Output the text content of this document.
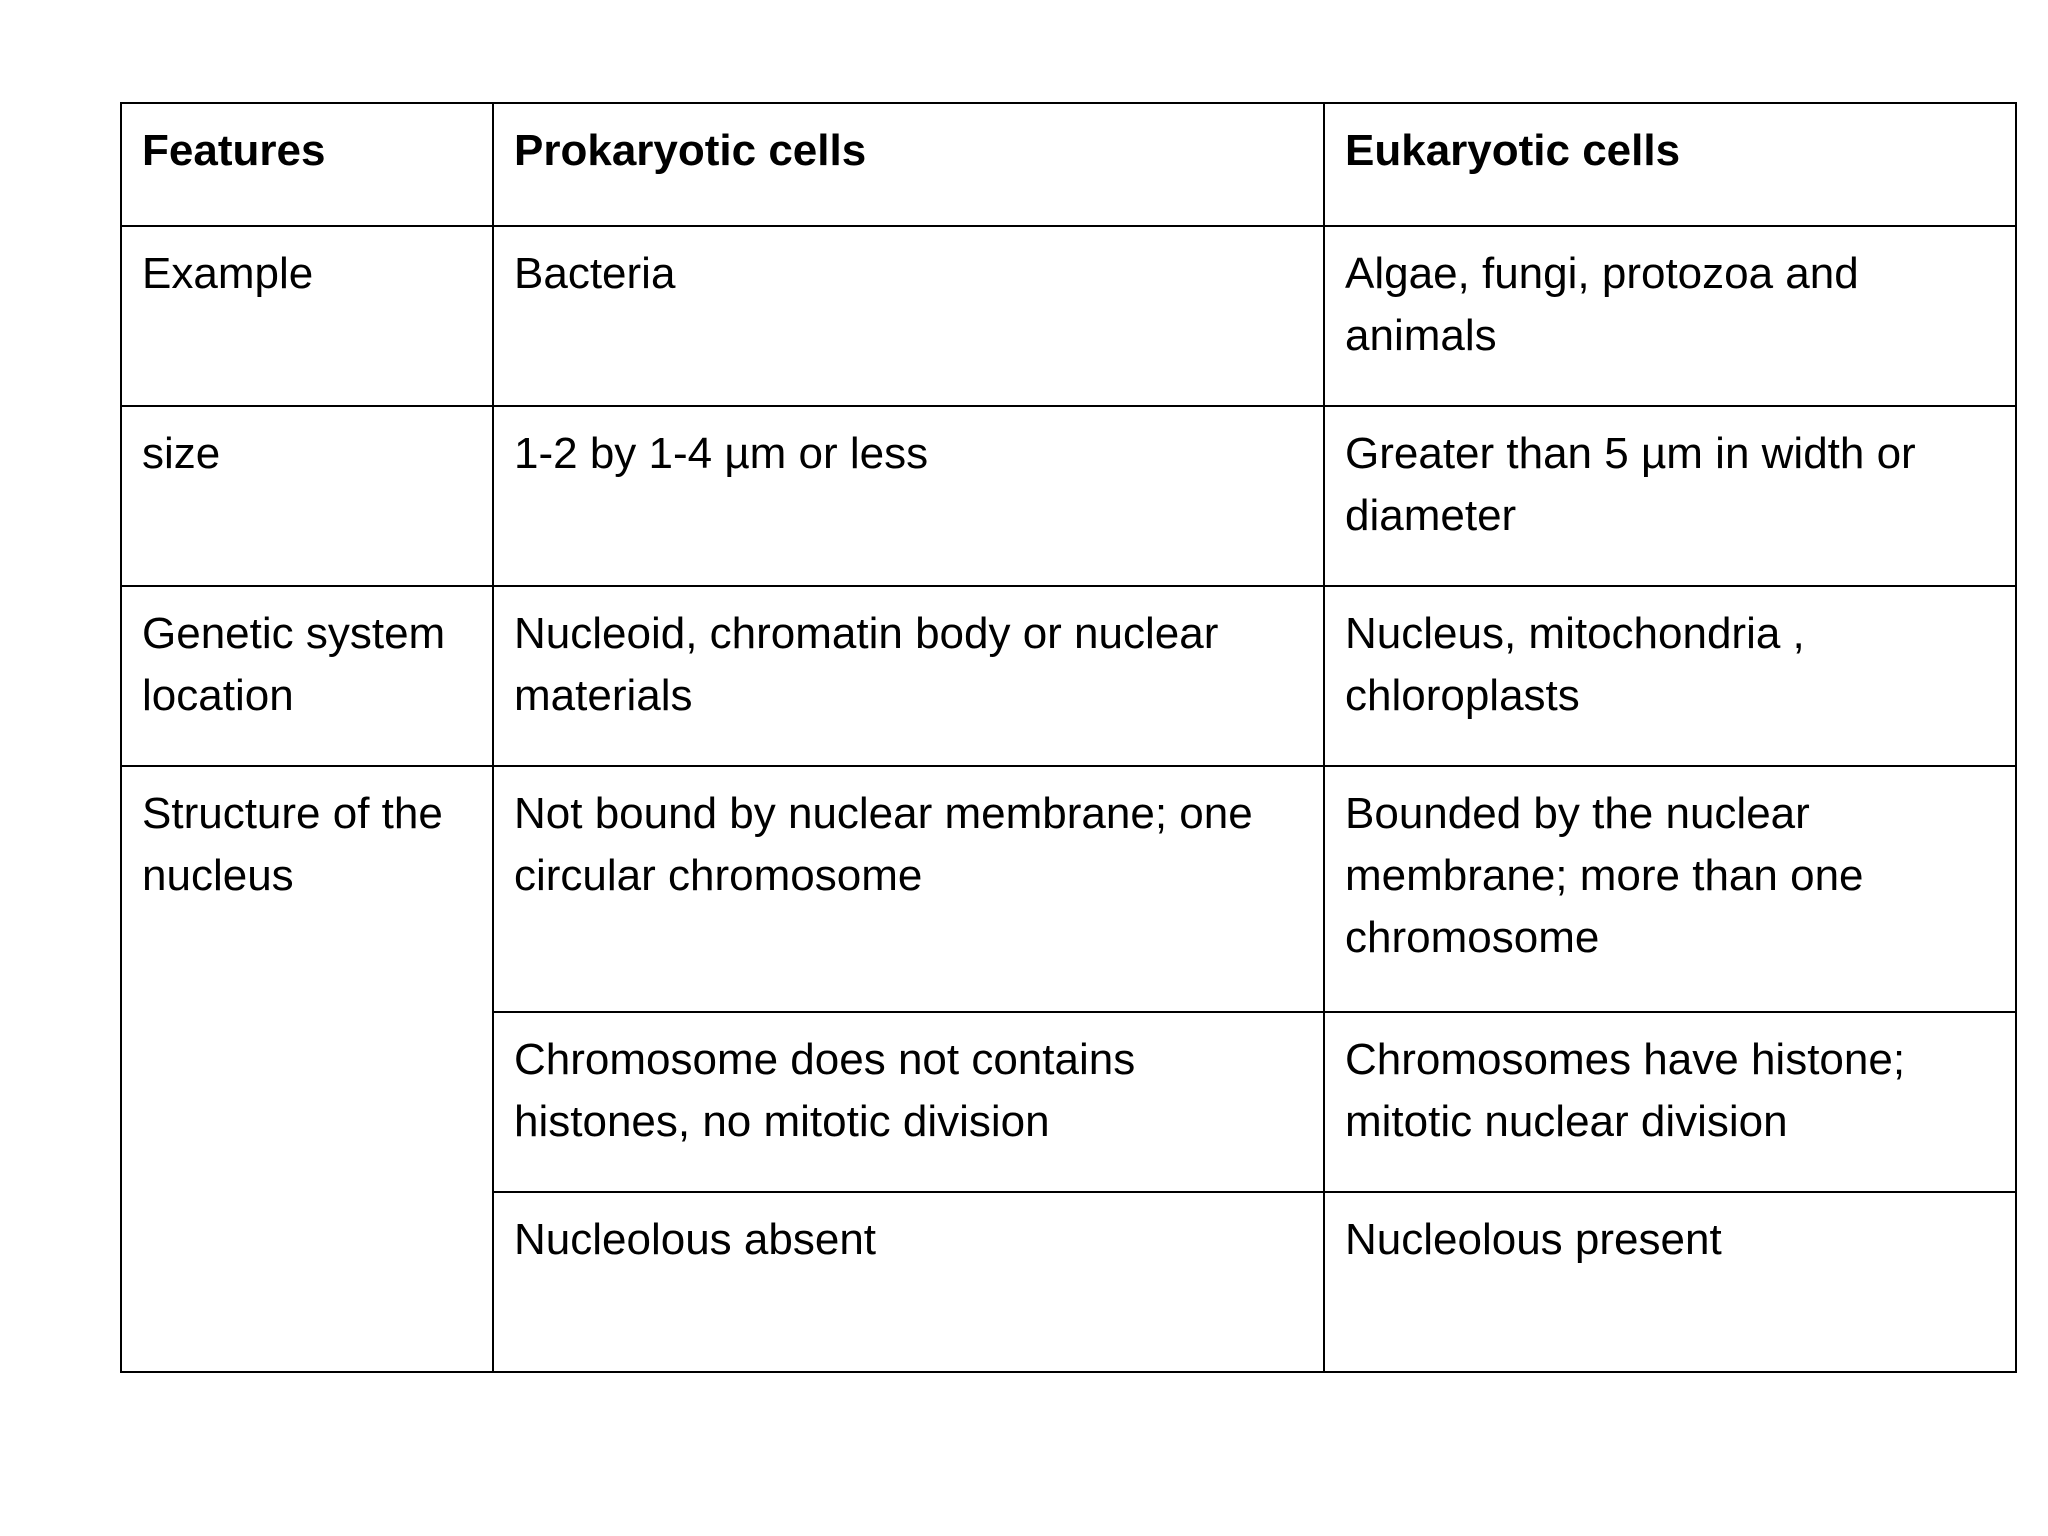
Features	Prokaryotic cells	Eukaryotic cells
Example	Bacteria	Algae, fungi, protozoa and animals
size	1-2 by 1-4 µm or less	Greater than 5 µm in width or diameter
Genetic system location	Nucleoid, chromatin body or nuclear materials	Nucleus, mitochondria , chloroplasts
Structure of the nucleus	Not bound by nuclear membrane; one circular chromosome	Bounded by the nuclear membrane; more than one chromosome
	Chromosome does not contains histones, no mitotic division	Chromosomes have histone; mitotic nuclear division
	Nucleolous absent	Nucleolous present
